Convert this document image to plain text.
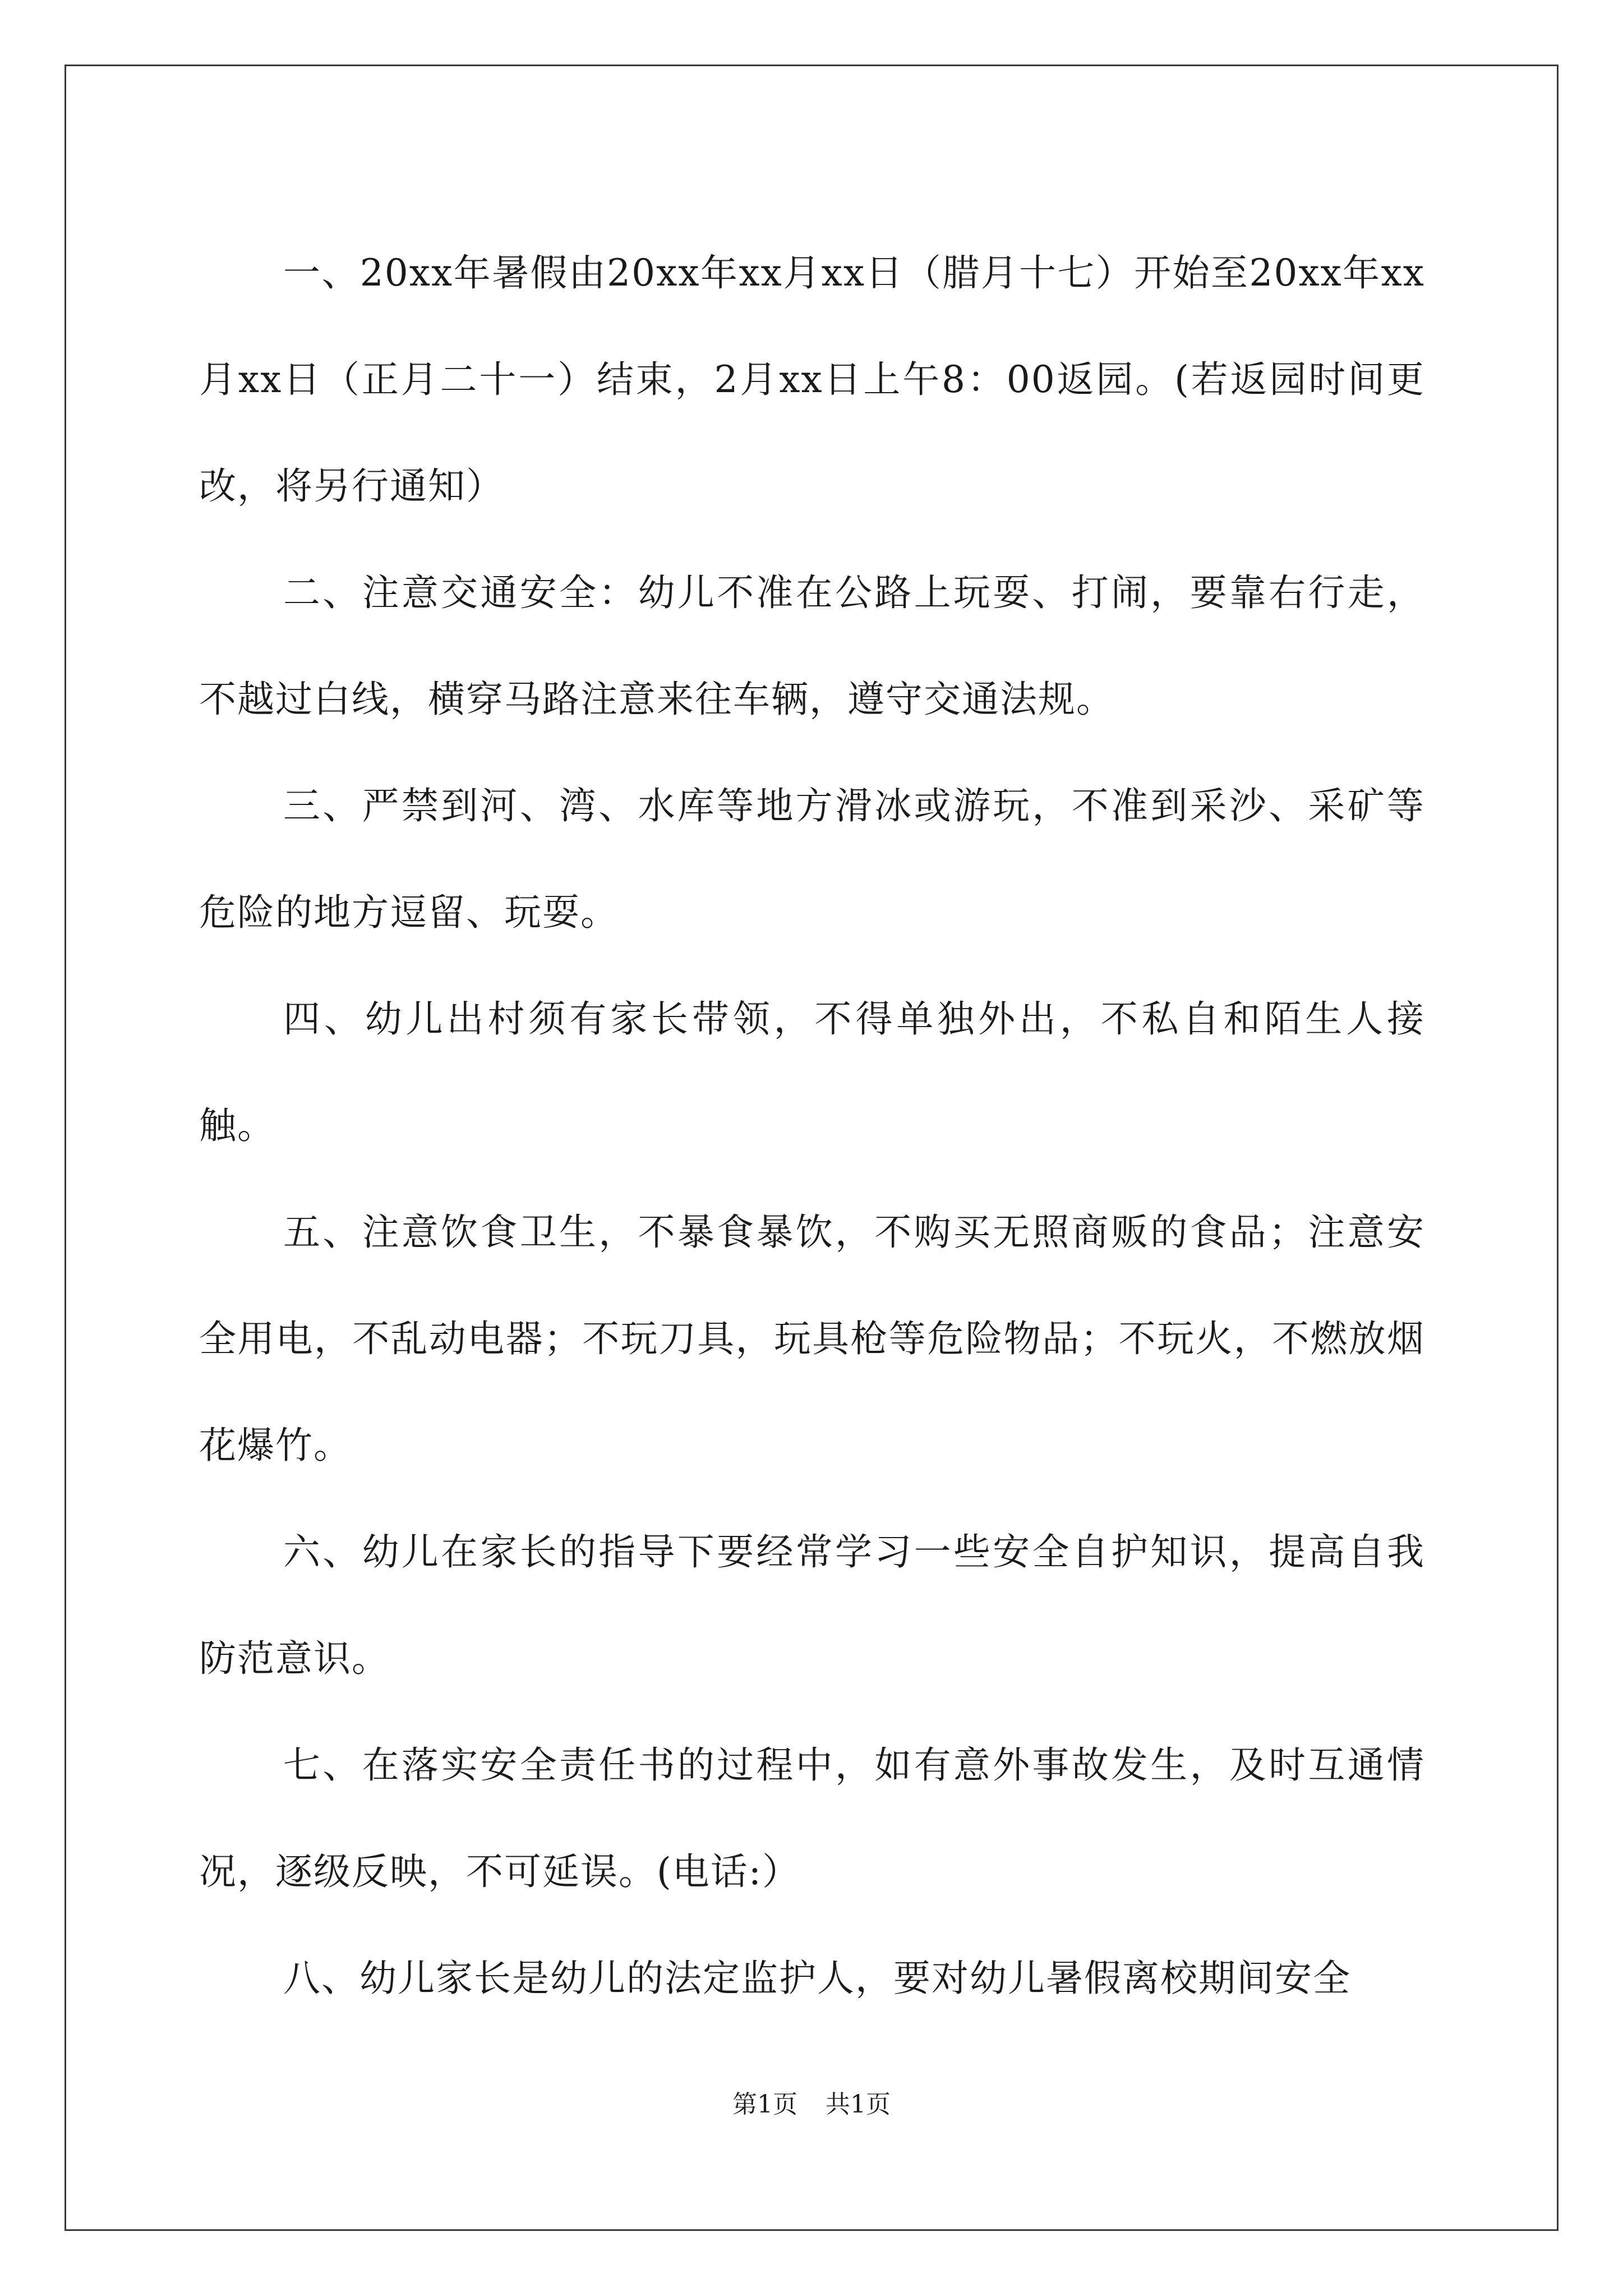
一、20xx年暑假由20xx年xx月xx日（腊月十七）开始至20xx年xx月xx日（正月二十一）结束，2月xx日上午8：00返园。(若返园时间更改，将另行通知）

二、注意交通安全：幼儿不准在公路上玩耍、打闹，要靠右行走，不越过白线，横穿马路注意来往车辆，遵守交通法规。

三、严禁到河、湾、水库等地方滑冰或游玩，不准到采沙、采矿等危险的地方逗留、玩耍。

四、幼儿出村须有家长带领，不得单独外出，不私自和陌生人接触。

五、注意饮食卫生，不暴食暴饮，不购买无照商贩的食品；注意安全用电，不乱动电器；不玩刀具，玩具枪等危险物品；不玩火，不燃放烟花爆竹。

六、幼儿在家长的指导下要经常学习一些安全自护知识，提高自我防范意识。

七、在落实安全责任书的过程中，如有意外事故发生，及时互通情况，逐级反映，不可延误。(电话:）

八、幼儿家长是幼儿的法定监护人，要对幼儿暑假离校期间安全

第1页 共1页
